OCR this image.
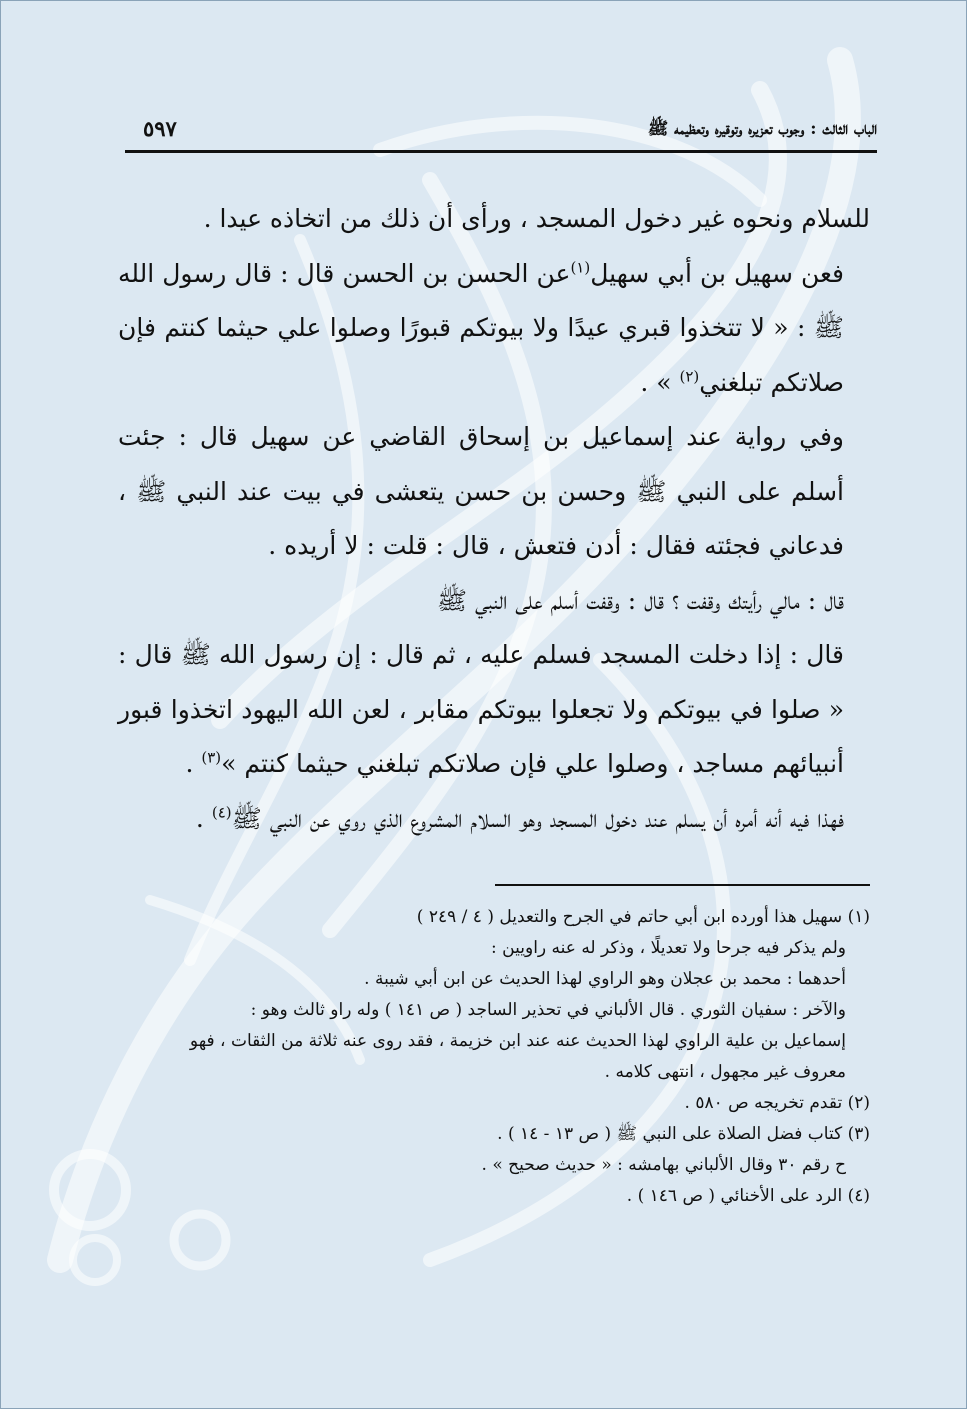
الباب الثالث : وجوب تعزيره وتوقيره وتعظيمه ﷺ
٥٩٧

للسلام ونحوه غير دخول المسجد ، ورأى أن ذلك من اتخاذه عيدا .

فعن سهيل بن أبي سهيل$^{(١)}$عن الحسن بن الحسن قال : قال رسول الله ﷺ : « لا تتخذوا قبري عيدًا ولا بيوتكم قبورًا وصلوا علي حيثما كنتم فإن صلاتكم تبلغني$^{(٢)}$ » .

وفي رواية عند إسماعيل بن إسحاق القاضي عن سهيل قال : جئت أسلم على النبي ﷺ وحسن بن حسن يتعشى في بيت عند النبي ﷺ ، فدعاني فجئته فقال : أدن فتعش ، قال : قلت : لا أريده .

قال : مالي رأيتك وقفت ؟ قال : وقفت أسلم على النبي ﷺ

قال : إذا دخلت المسجد فسلم عليه ، ثم قال : إن رسول الله ﷺ قال : « صلوا في بيوتكم ولا تجعلوا بيوتكم مقابر ، لعن الله اليهود اتخذوا قبور أنبيائهم مساجد ، وصلوا علي فإن صلاتكم تبلغني حيثما كنتم »$^{(٣)}$ .

فهذا فيه أنه أمره أن يسلم عند دخول المسجد وهو السلام المشروع الذي روي عن النبي ﷺ$^{(٤)}$ .

(١) سهيل هذا أورده ابن أبي حاتم في الجرح والتعديل ( ٤ / ٢٤٩ )

ولم يذكر فيه جرحا ولا تعديلًا ، وذكر له عنه راويين :

أحدهما : محمد بن عجلان وهو الراوي لهذا الحديث عن ابن أبي شيبة .

والآخر : سفيان الثوري . قال الألباني في تحذير الساجد ( ص ١٤١ ) وله راو ثالث وهو :

إسماعيل بن علية الراوي لهذا الحديث عنه عند ابن خزيمة ، فقد روى عنه ثلاثة من الثقات ، فهو

معروف غير مجهول ، انتهى كلامه .

(٢) تقدم تخريجه ص ٥٨٠ .

(٣) كتاب فضل الصلاة على النبي ﷺ ( ص ١٣ - ١٤ ) .

ح رقم ٣٠ وقال الألباني بهامشه : « حديث صحيح » .

(٤) الرد على الأخنائي ( ص ١٤٦ ) .
